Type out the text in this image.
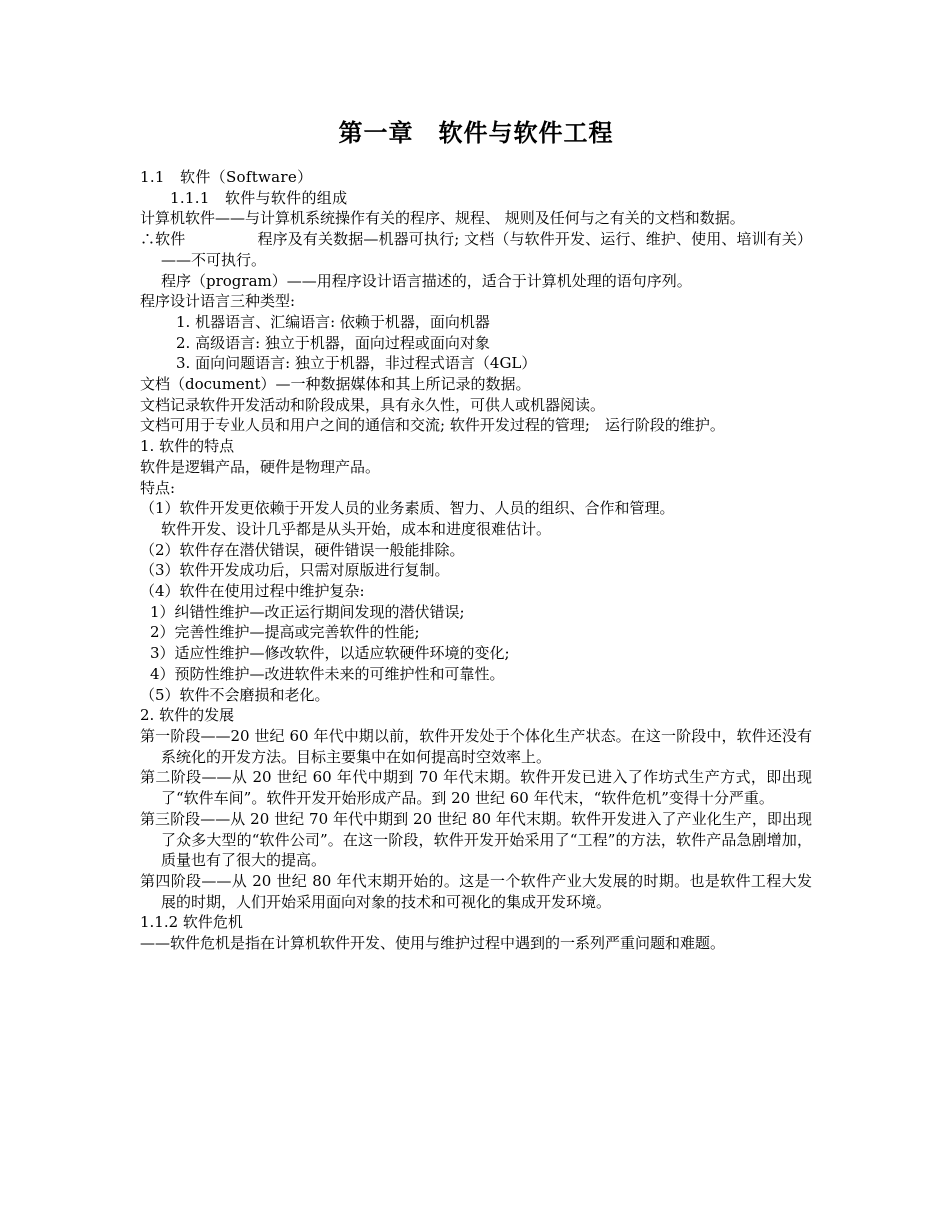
第一章　软件与软件工程

1.1　软件（Software）

1.1.1　软件与软件的组成

计算机软件——与计算机系统操作有关的程序、规程、 规则及任何与之有关的文档和数据。

∴软件	程序及有关数据—机器可执行; 文档（与软件开发、运行、维护、使用、培训有关）——不可执行。

程序（program）——用程序设计语言描述的，适合于计算机处理的语句序列。

程序设计语言三种类型:

1. 机器语言、汇编语言: 依赖于机器，面向机器

2. 高级语言: 独立于机器，面向过程或面向对象

3. 面向问题语言: 独立于机器，非过程式语言（4GL）

文档（document）—一种数据媒体和其上所记录的数据。

文档记录软件开发活动和阶段成果，具有永久性，可供人或机器阅读。

文档可用于专业人员和用户之间的通信和交流; 软件开发过程的管理;　运行阶段的维护。

1. 软件的特点

软件是逻辑产品，硬件是物理产品。

特点:

（1）软件开发更依赖于开发人员的业务素质、智力、人员的组织、合作和管理。

软件开发、设计几乎都是从头开始，成本和进度很难估计。

（2）软件存在潜伏错误，硬件错误一般能排除。

（3）软件开发成功后，只需对原版进行复制。

（4）软件在使用过程中维护复杂:

1）纠错性维护—改正运行期间发现的潜伏错误;

2）完善性维护—提高或完善软件的性能;

3）适应性维护—修改软件，以适应软硬件环境的变化;

4）预防性维护—改进软件未来的可维护性和可靠性。

（5）软件不会磨损和老化。

2. 软件的发展

第一阶段——20 世纪 60 年代中期以前，软件开发处于个体化生产状态。在这一阶段中，软件还没有系统化的开发方法。目标主要集中在如何提高时空效率上。

第二阶段——从 20 世纪 60 年代中期到 70 年代末期。软件开发已进入了作坊式生产方式，即出现了“软件车间”。软件开发开始形成产品。到 20 世纪 60 年代末，“软件危机”变得十分严重。

第三阶段——从 20 世纪 70 年代中期到 20 世纪 80 年代末期。软件开发进入了产业化生产，即出现了众多大型的“软件公司”。在这一阶段，软件开发开始采用了“工程”的方法，软件产品急剧增加，质量也有了很大的提高。

第四阶段——从 20 世纪 80 年代末期开始的。这是一个软件产业大发展的时期。也是软件工程大发展的时期，人们开始采用面向对象的技术和可视化的集成开发环境。

1.1.2 软件危机

——软件危机是指在计算机软件开发、使用与维护过程中遇到的一系列严重问题和难题。
